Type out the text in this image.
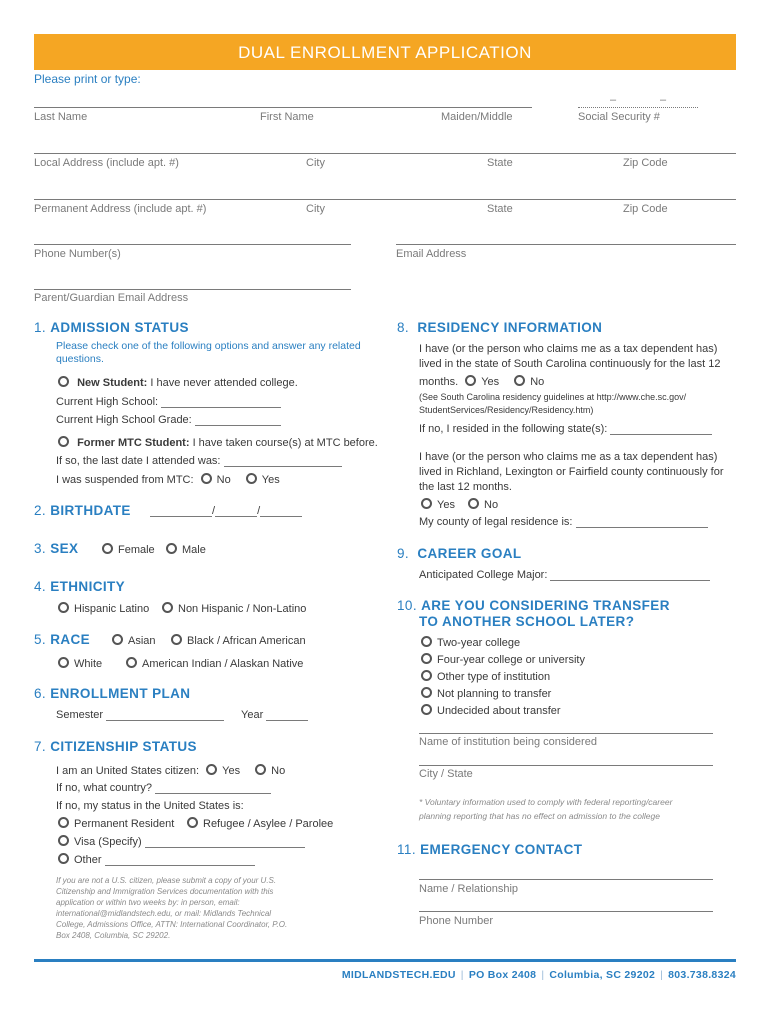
DUAL ENROLLMENT APPLICATION
Please print or type:
–	–
Last Name	First Name	Maiden/Middle	Social Security #
Local Address (include apt. #)	City	State	Zip Code
Permanent Address (include apt. #)	City	State	Zip Code
Phone Number(s)	Email Address
Parent/Guardian Email Address
1. ADMISSION STATUS
Please check one of the following options and answer any related
questions.
New Student: I have never attended college.
Current High School:
Current High School Grade:
Former MTC Student: I have taken course(s) at MTC before.
If so, the last date I attended was:
I was suspended from MTC: No	Yes
2. BIRTHDATE	/	/
3. SEX	Female	Male
4. ETHNICITY
Hispanic Latino	Non Hispanic / Non-Latino
5. RACE	Asian	Black / African American
White	American Indian / Alaskan Native
6. ENROLLMENT PLAN
Semester	Year
7. CITIZENSHIP STATUS
I am an United States citizen: Yes	No
If no, what country?
If no, my status in the United States is:
Permanent Resident	Refugee / Asylee / Parolee
Visa (Specify)
Other
If you are not a U.S. citizen, please submit a copy of your U.S. Citizenship and Immigration Services documentation with this application or within two weeks by: in person, email: international@midlandstech.edu, or mail: Midlands Technical College, Admissions Office, ATTN: International Coordinator, P.O. Box 2408, Columbia, SC 29202.
8. RESIDENCY INFORMATION
I have (or the person who claims me as a tax dependent has)
lived in the state of South Carolina continuously for the last 12
months. Yes	No
(See South Carolina residency guidelines at http://www.che.sc.gov/
StudentServices/Residency/Residency.htm)
If no, I resided in the following state(s):
I have (or the person who claims me as a tax dependent has)
lived in Richland, Lexington or Fairfield county continuously for
the last 12 months.
Yes	No
My county of legal residence is:
9. CAREER GOAL
Anticipated College Major:
10. ARE YOU CONSIDERING TRANSFER
TO ANOTHER SCHOOL LATER?
Two-year college
Four-year college or university
Other type of institution
Not planning to transfer
Undecided about transfer
Name of institution being considered
City / State
* Voluntary information used to comply with federal reporting/career
planning reporting that has no effect on admission to the college
11. EMERGENCY CONTACT
Name / Relationship
Phone Number
MIDLANDSTECH.EDU | PO Box 2408 | Columbia, SC 29202 | 803.738.8324
